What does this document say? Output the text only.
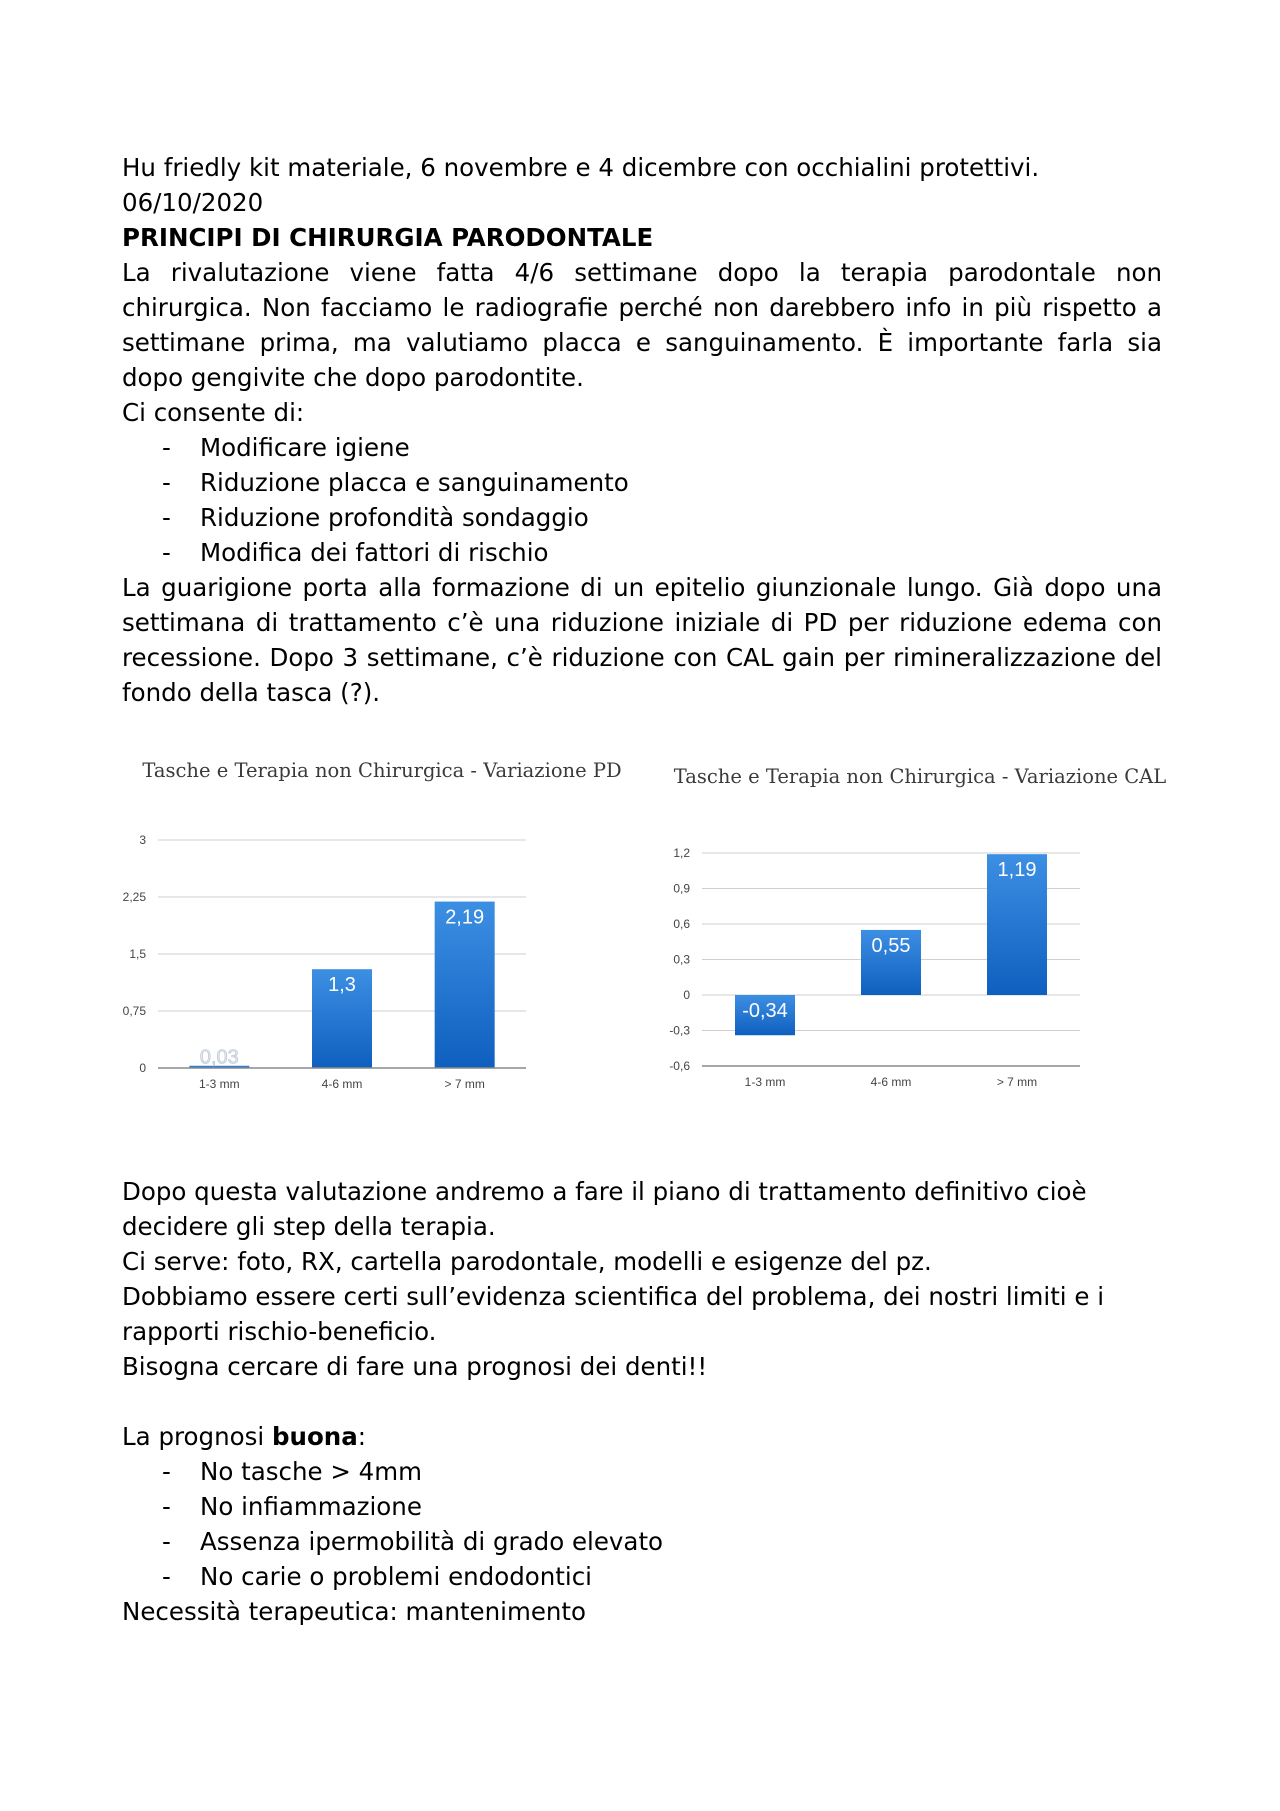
Hu friedly kit materiale, 6 novembre e 4 dicembre con occhialini protettivi.

06/10/2020

PRINCIPI DI CHIRURGIA PARODONTALE

La rivalutazione viene fatta 4/6 settimane dopo la terapia parodontale non chirurgica. Non facciamo le radiografie perché non darebbero info in più rispetto a settimane prima, ma valutiamo placca e sanguinamento. È importante farla sia dopo gengivite che dopo parodontite.

Ci consente di:

- Modificare igiene
- Riduzione placca e sanguinamento
- Riduzione profondità sondaggio
- Modifica dei fattori di rischio

La guarigione porta alla formazione di un epitelio giunzionale lungo. Già dopo una settimana di trattamento c’è una riduzione iniziale di PD per riduzione edema con recessione. Dopo 3 settimane, c’è riduzione con CAL gain per rimineralizzazione del fondo della tasca (?).

Tasche e Terapia non Chirurgica - Variazione PD
0
0,75
1,5
2,25
3
0,03
1-3 mm
1,3
4-6 mm
2,19
> 7 mm
Tasche e Terapia non Chirurgica - Variazione CAL
-0,6
-0,3
0
0,3
0,6
0,9
1,2
-0,34
1-3 mm
0,55
4-6 mm
1,19
> 7 mm

Dopo questa valutazione andremo a fare il piano di trattamento definitivo cioè decidere gli step della terapia.

Ci serve: foto, RX, cartella parodontale, modelli e esigenze del pz.

Dobbiamo essere certi sull’evidenza scientifica del problema, dei nostri limiti e i rapporti rischio-beneficio.

Bisogna cercare di fare una prognosi dei denti!!

La prognosi buona:

- No tasche > 4mm
- No infiammazione
- Assenza ipermobilità di grado elevato
- No carie o problemi endodontici

Necessità terapeutica: mantenimento
